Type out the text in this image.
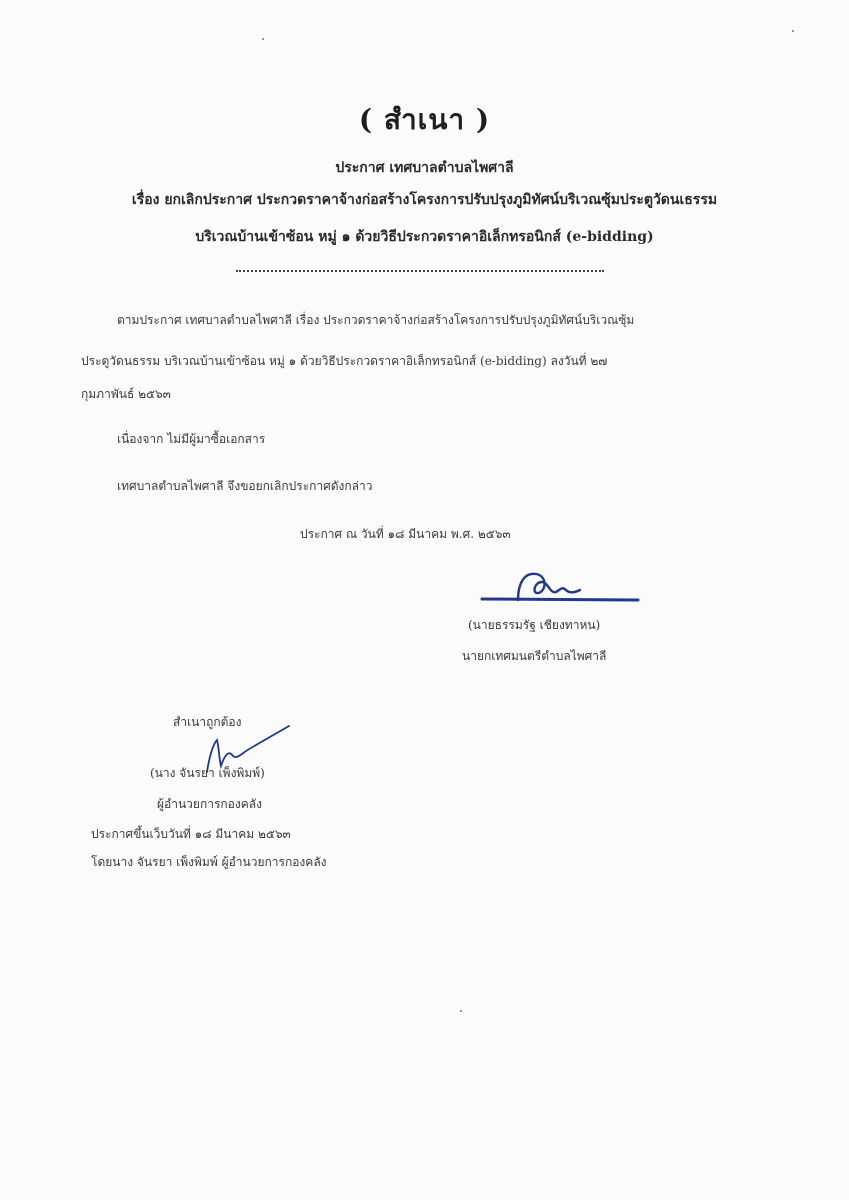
( สำเนา )
ประกาศ เทศบาลตำบลไพศาลี
เรื่อง ยกเลิกประกาศ ประกวดราคาจ้างก่อสร้างโครงการปรับปรุงภูมิทัศน์บริเวณซุ้มประตูวัดนเธรรม
บริเวณบ้านเข้าซ้อน หมู่ ๑ ด้วยวิธีประกวดราคาอิเล็กทรอนิกส์ (e-bidding)
ตามประกาศ เทศบาลตำบลไพศาลี เรื่อง ประกวดราคาจ้างก่อสร้างโครงการปรับปรุงภูมิทัศน์บริเวณซุ้ม
ประตูวัดนธรรม บริเวณบ้านเข้าซ้อน หมู่ ๑ ด้วยวิธีประกวดราคาอิเล็กทรอนิกส์ (e-bidding) ลงวันที่ ๒๗
กุมภาพันธ์ ๒๕๖๓
เนื่องจาก ไม่มีผู้มาซื้อเอกสาร
เทศบาลตำบลไพศาลี จึงขอยกเลิกประกาศดังกล่าว
ประกาศ ณ วันที่ ๑๘ มีนาคม พ.ศ. ๒๕๖๓
(นายธรรมรัฐ เชียงทาหน)
นายกเทศมนตรีตำบลไพศาลี
สำเนาถูกต้อง
(นาง จันรยา เพ็งพิมพ์)
ผู้อำนวยการกองคลัง
ประกาศขึ้นเว็บวันที่ ๑๘ มีนาคม ๒๕๖๓
โดยนาง จันรยา เพ็งพิมพ์ ผู้อำนวยการกองคลัง
